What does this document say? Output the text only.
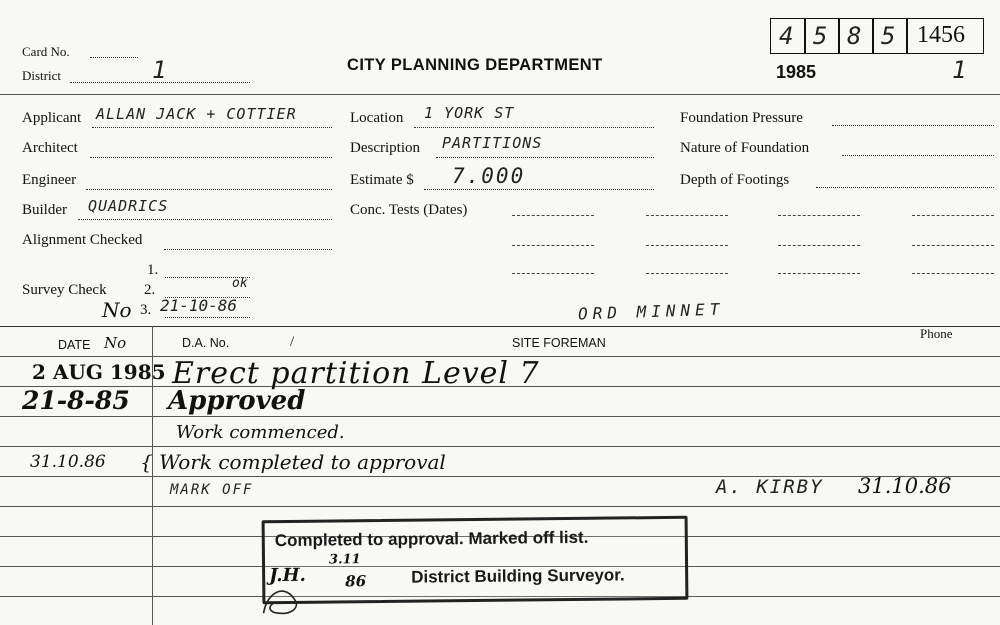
Card No.
District	1	CITY PLANNING DEPARTMENT
4 5 8 5 1456
1985	1
Applicant ALLAN JACK + COTTIER
Architect
Engineer
Builder QUADRICS
Alignment Checked
1.
Survey Check 2.	ok
No 3. 21-10-86
Location 1 YORK ST
Description PARTITIONS
Estimate $ 7.000
Conc. Tests (Dates)
Foundation Pressure
Nature of Foundation
Depth of Footings
ORD MINNET
DATE No	D.A. No.	/	SITE FOREMAN
Phone
2 AUG 1985 Erect partition Level 7
21-8-85 Approved
Work commenced.
31.10.86 { Work completed to approval
MARK OFF	A. KIRBY 31.10.86
Completed to approval. Marked off list.
District Building Surveyor.
J.H.
3.11
86
